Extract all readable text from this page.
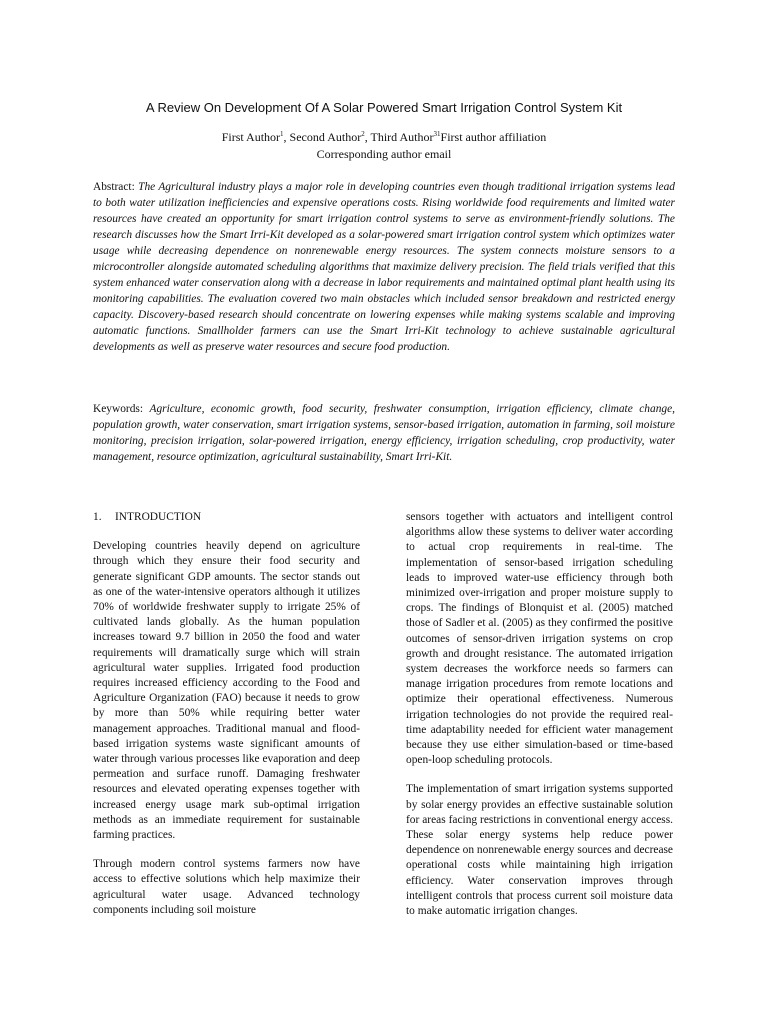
A Review On Development Of A Solar Powered Smart Irrigation Control System Kit
First Author$^1$, Second Author$^2$, Third Author$^{31}$First author affiliation
Corresponding author email

Abstract: The Agricultural industry plays a major role in developing countries even though traditional irrigation systems lead to both water utilization inefficiencies and expensive operations costs. Rising worldwide food requirements and limited water resources have created an opportunity for smart irrigation control systems to serve as environment-friendly solutions. The research discusses how the Smart Irri-Kit developed as a solar-powered smart irrigation control system which optimizes water usage while decreasing dependence on nonrenewable energy resources. The system connects moisture sensors to a microcontroller alongside automated scheduling algorithms that maximize delivery precision. The field trials verified that this system enhanced water conservation along with a decrease in labor requirements and maintained optimal plant health using its monitoring capabilities. The evaluation covered two main obstacles which included sensor breakdown and restricted energy capacity. Discovery-based research should concentrate on lowering expenses while making systems scalable and improving automatic functions. Smallholder farmers can use the Smart Irri-Kit technology to achieve sustainable agricultural developments as well as preserve water resources and secure food production.

Keywords: Agriculture, economic growth, food security, freshwater consumption, irrigation efficiency, climate change, population growth, water conservation, smart irrigation systems, sensor-based irrigation, automation in farming, soil moisture monitoring, precision irrigation, solar-powered irrigation, energy efficiency, irrigation scheduling, crop productivity, water management, resource optimization, agricultural sustainability, Smart Irri-Kit.

1. INTRODUCTION

Developing countries heavily depend on agriculture through which they ensure their food security and generate significant GDP amounts. The sector stands out as one of the water-intensive operators although it utilizes 70% of worldwide freshwater supply to irrigate 25% of cultivated lands globally. As the human population increases toward 9.7 billion in 2050 the food and water requirements will dramatically surge which will strain agricultural water supplies. Irrigated food production requires increased efficiency according to the Food and Agriculture Organization (FAO) because it needs to grow by more than 50% while requiring better water management approaches. Traditional manual and flood-based irrigation systems waste significant amounts of water through various processes like evaporation and deep permeation and surface runoff. Damaging freshwater resources and elevated operating expenses together with increased energy usage mark sub-optimal irrigation methods as an immediate requirement for sustainable farming practices.

Through modern control systems farmers now have access to effective solutions which help maximize their agricultural water usage. Advanced technology components including soil moisture

sensors together with actuators and intelligent control algorithms allow these systems to deliver water according to actual crop requirements in real-time. The implementation of sensor-based irrigation scheduling leads to improved water-use efficiency through both minimized over-irrigation and proper moisture supply to crops. The findings of Blonquist et al. (2005) matched those of Sadler et al. (2005) as they confirmed the positive outcomes of sensor-driven irrigation systems on crop growth and drought resistance. The automated irrigation system decreases the workforce needs so farmers can manage irrigation procedures from remote locations and optimize their operational effectiveness. Numerous irrigation technologies do not provide the required real-time adaptability needed for efficient water management because they use either simulation-based or time-based open-loop scheduling protocols.

The implementation of smart irrigation systems supported by solar energy provides an effective sustainable solution for areas facing restrictions in conventional energy access. These solar energy systems help reduce power dependence on nonrenewable energy sources and decrease operational costs while maintaining high irrigation efficiency. Water conservation improves through intelligent controls that process current soil moisture data to make automatic irrigation changes.
